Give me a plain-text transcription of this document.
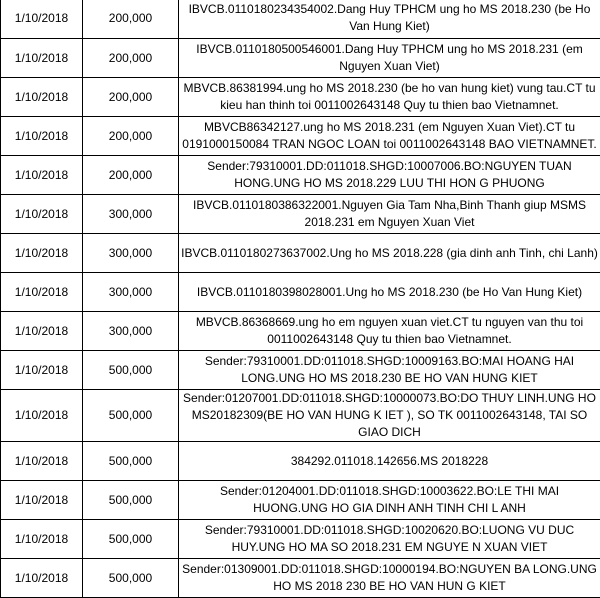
1/10/2018	200,000	IBVCB.0110180234354002.Dang Huy TPHCM ung ho MS 2018.230 (be Ho Van Hung Kiet)
1/10/2018	200,000	IBVCB.0110180500546001.Dang Huy TPHCM ung ho MS 2018.231 (em Nguyen Xuan Viet)
1/10/2018	200,000	MBVCB.86381994.ung ho MS 2018.230 (be ho van hung kiet) vung tau.CT tu kieu han thinh toi 0011002643148 Quy tu thien bao Vietnamnet.
1/10/2018	200,000	MBVCB86342127.ung ho MS 2018.231 (em Nguyen Xuan Viet).CT tu 0191000150084 TRAN NGOC LOAN toi 0011002643148 BAO VIETNAMNET.
1/10/2018	200,000	Sender:79310001.DD:011018.SHGD:10007006.BO:NGUYEN TUAN HONG.UNG HO MS 2018.229 LUU THI HON G PHUONG
1/10/2018	300,000	IBVCB.0110180386322001.Nguyen Gia Tam Nha,Binh Thanh giup MSMS 2018.231 em Nguyen Xuan Viet
1/10/2018	300,000	IBVCB.0110180273637002.Ung ho MS 2018.228 (gia dinh anh Tinh, chi Lanh)
1/10/2018	300,000	IBVCB.0110180398028001.Ung ho MS 2018.230 (be Ho Van Hung Kiet)
1/10/2018	300,000	MBVCB.86368669.ung ho em nguyen xuan viet.CT tu nguyen van thu toi 0011002643148 Quy tu thien bao Vietnamnet.
1/10/2018	500,000	Sender:79310001.DD:011018.SHGD:10009163.BO:MAI HOANG HAI LONG.UNG HO MS 2018.230 BE HO VAN HUNG KIET
1/10/2018	500,000	Sender:01207001.DD:011018.SHGD:10000073.BO:DO THUY LINH.UNG HO MS20182309(BE HO VAN HUNG K IET ), SO TK 0011002643148, TAI SO GIAO DICH
1/10/2018	500,000	384292.011018.142656.MS 2018228
1/10/2018	500,000	Sender:01204001.DD:011018.SHGD:10003622.BO:LE THI MAI HUONG.UNG HO GIA DINH ANH TINH CHI L ANH
1/10/2018	500,000	Sender:79310001.DD:011018.SHGD:10020620.BO:LUONG VU DUC HUY.UNG HO MA SO 2018.231 EM NGUYE N XUAN VIET
1/10/2018	500,000	Sender:01309001.DD:011018.SHGD:10000194.BO:NGUYEN BA LONG.UNG HO MS 2018 230 BE HO VAN HUN G KIET
